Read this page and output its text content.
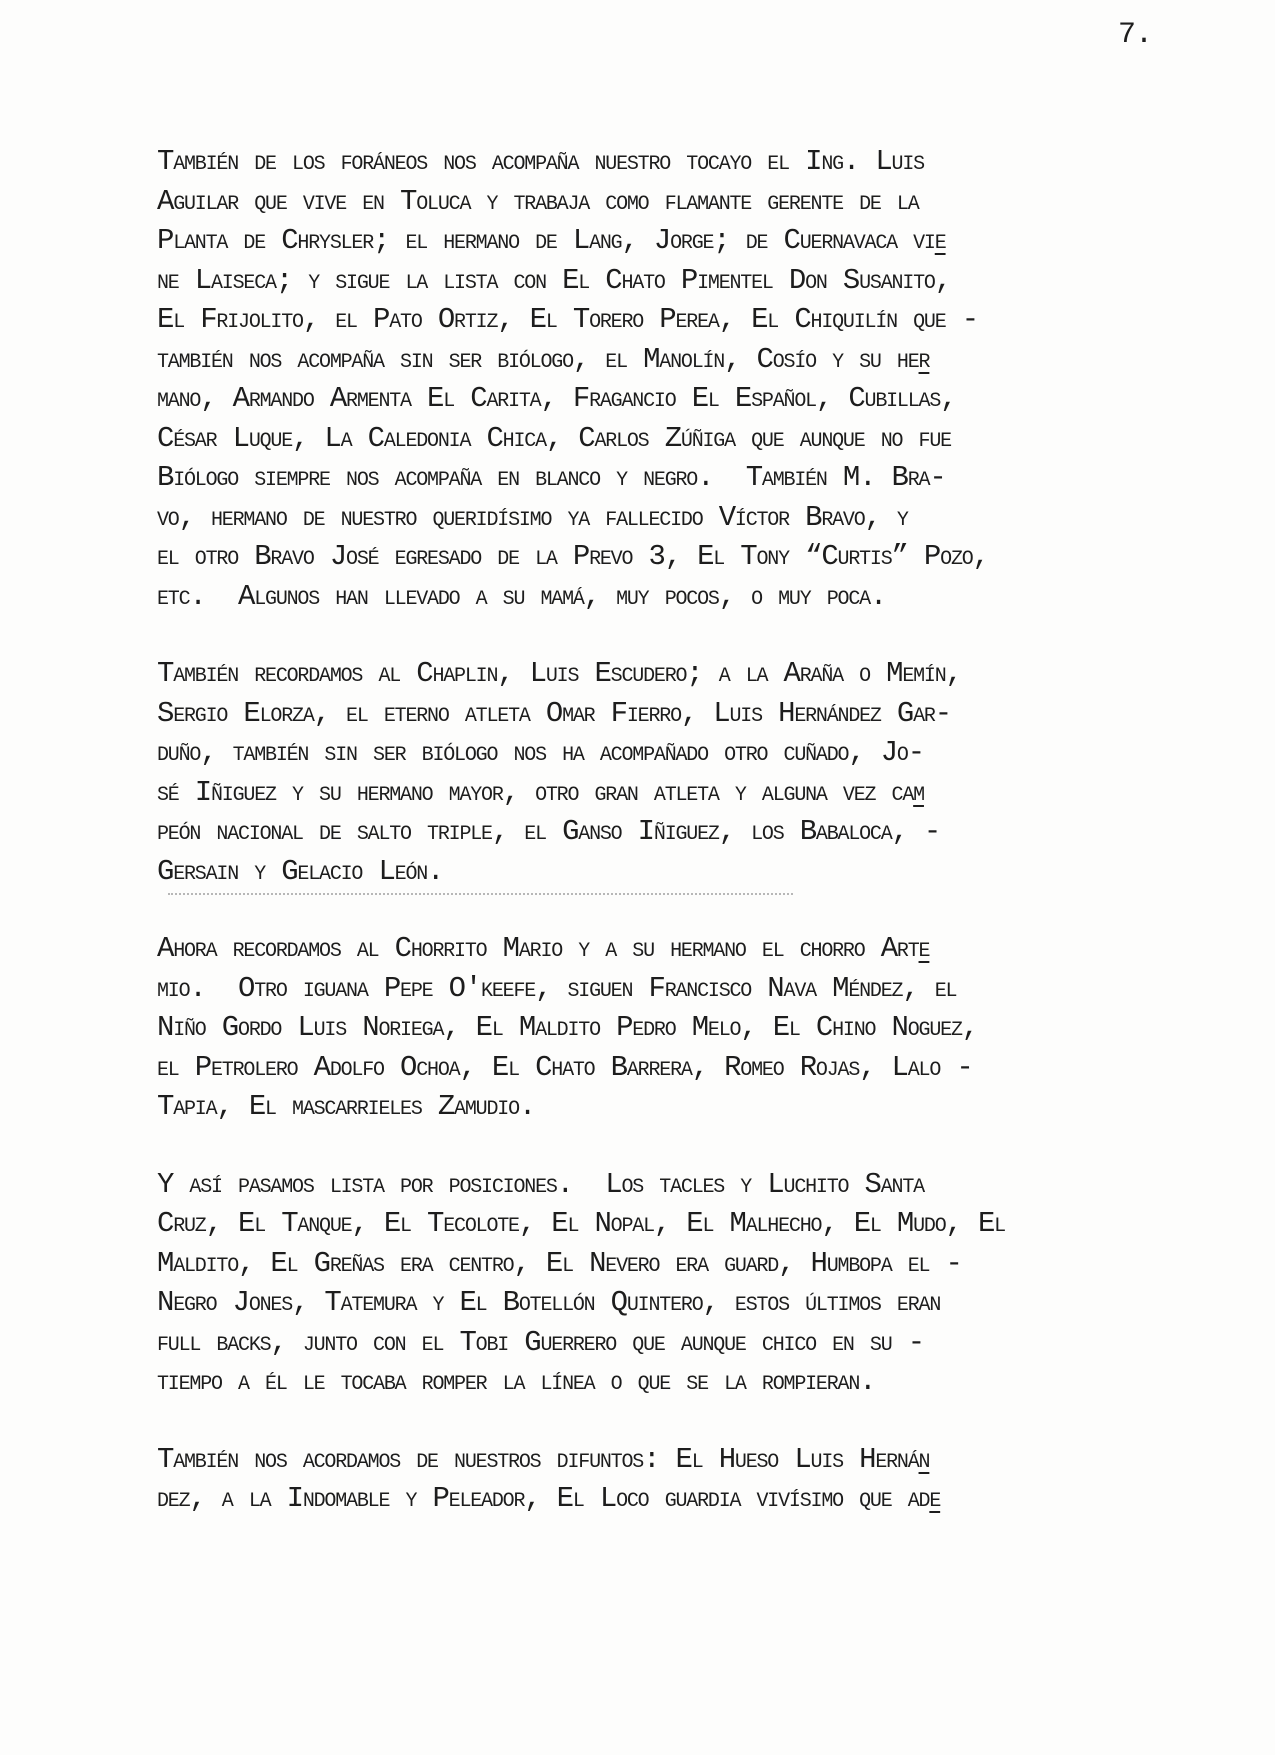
7.
También de los foráneos nos acompaña nuestro tocayo el Ing. Luis
Aguilar que vive en Toluca y trabaja como flamante gerente de la
Planta de Chrysler; el hermano de Lang, Jorge; de Cuernavaca vie
ne Laiseca; y sigue la lista con El Chato Pimentel Don Susanito,
El Frijolito, el Pato Ortiz, El Torero Perea, El Chiquilín que -
también nos acompaña sin ser biólogo, el Manolín, Cosío y su her
mano, Armando Armenta El Carita, Fragancio El Español, Cubillas,
César Luque, La Caledonia Chica, Carlos Zúñiga que aunque no fue
Biólogo siempre nos acompaña en blanco y negro.  También M. Bra-
vo, hermano de nuestro queridísimo ya fallecido Víctor Bravo, y
el otro Bravo José egresado de la Prevo 3, El Tony “Curtis” Pozo,
etc.  Algunos han llevado a su mamá, muy pocos, o muy poca.
También recordamos al Chaplin, Luis Escudero; a la Araña o Memín,
Sergio Elorza, el eterno atleta Omar Fierro, Luis Hernández Gar-
duño, también sin ser biólogo nos ha acompañado otro cuñado, Jo-
sé Iñiguez y su hermano mayor, otro gran atleta y alguna vez cam
peón nacional de salto triple, el Ganso Iñiguez, los Babaloca, -
Gersain y Gelacio León.
Ahora recordamos al Chorrito Mario y a su hermano el chorro Arte
mio.  Otro iguana Pepe O'keefe, siguen Francisco Nava Méndez, el
Niño Gordo Luis Noriega, El Maldito Pedro Melo, El Chino Noguez,
el Petrolero Adolfo Ochoa, El Chato Barrera, Romeo Rojas, Lalo -
Tapia, El mascarrieles Zamudio.
Y así pasamos lista por posiciones.  Los tacles y Luchito Santa
Cruz, El Tanque, El Tecolote, El Nopal, El Malhecho, El Mudo, El
Maldito, El Greñas era centro, El Nevero era guard, Humbopa el -
Negro Jones, Tatemura y El Botellón Quintero, estos últimos eran
full backs, junto con el Tobi Guerrero que aunque chico en su -
tiempo a él le tocaba romper la línea o que se la rompieran.
También nos acordamos de nuestros difuntos: El Hueso Luis Hernán
dez, a la Indomable y Peleador, El Loco guardia vivísimo que ade
